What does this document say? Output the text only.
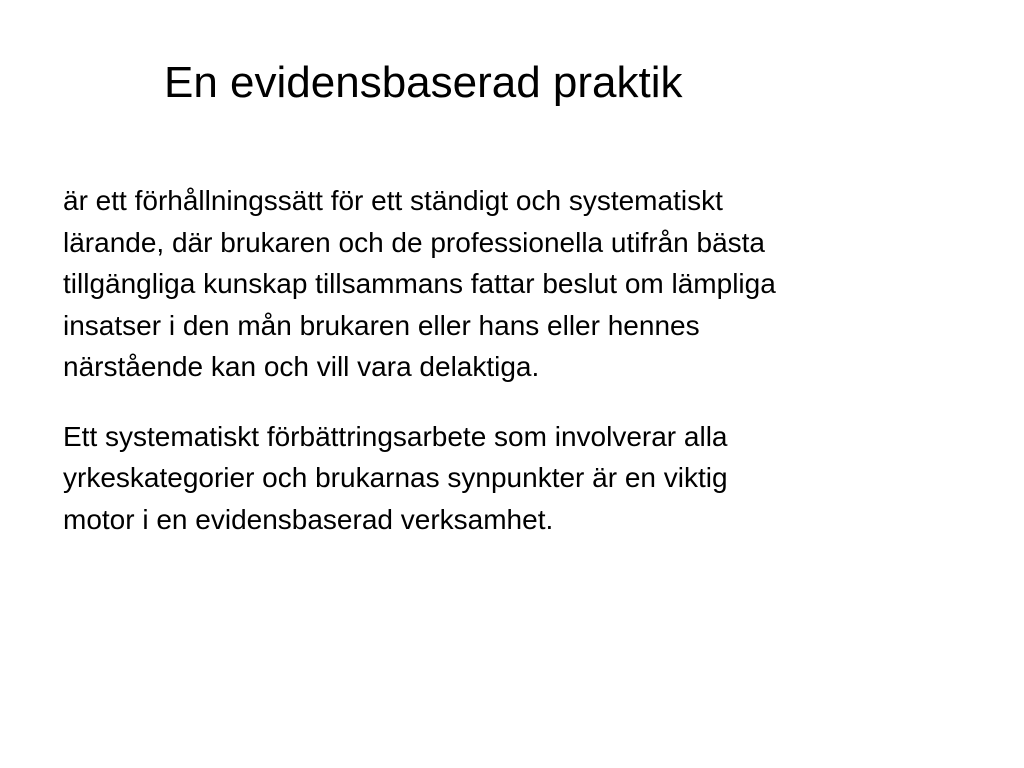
En evidensbaserad praktik

är ett förhållningssätt för ett ständigt och systematiskt
lärande, där brukaren och de professionella utifrån bästa
tillgängliga kunskap tillsammans fattar beslut om lämpliga
insatser i den mån brukaren eller hans eller hennes
närstående kan och vill vara delaktiga.

Ett systematiskt förbättringsarbete som involverar alla
yrkeskategorier och brukarnas synpunkter är en viktig
motor i en evidensbaserad verksamhet.
